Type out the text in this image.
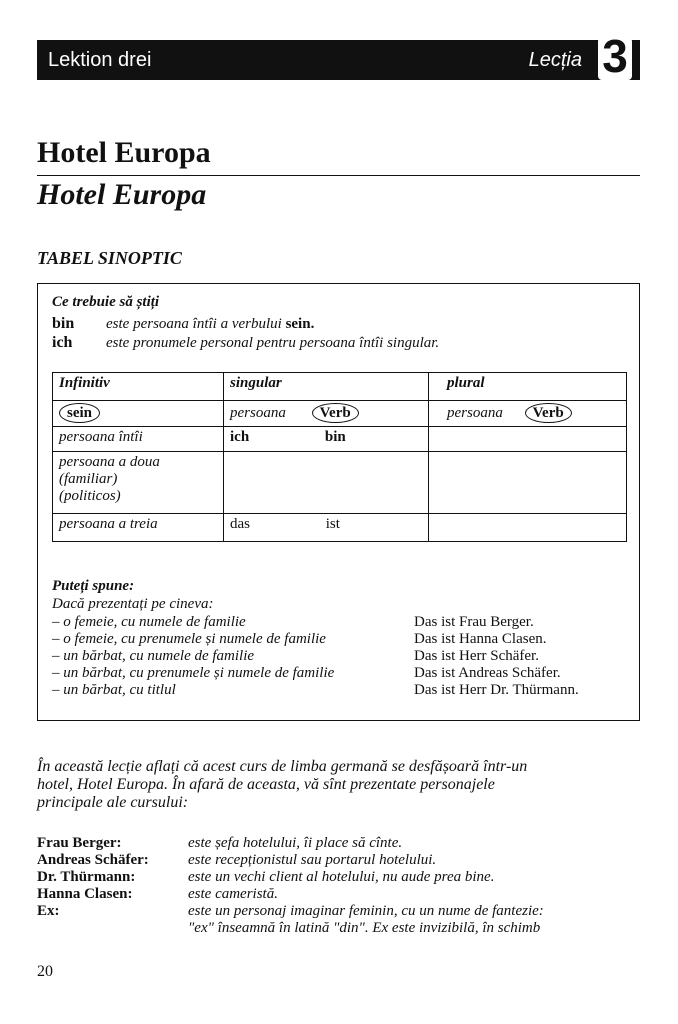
Lektion drei	Lecția 3
Hotel Europa
Hotel Europa
TABEL SINOPTIC
Ce trebuie să știți
bin este persoana întîi a verbului sein.
ich este pronumele personal pentru persoana întîi singular.
Infinitiv	singular	plural
sein	persoana Verb	persoana Verb
persoana întîi	ich bin	

persoana a doua
(familiar)
(politicos)		

persoana a treia	das ist	
Puteți spune:
Dacă prezentați pe cineva:
– o femeie, cu numele de familie	Das ist Frau Berger.
– o femeie, cu prenumele și numele de familie	Das ist Hanna Clasen.
– un bărbat, cu numele de familie	Das ist Herr Schäfer.
– un bărbat, cu prenumele și numele de familie	Das ist Andreas Schäfer.
– un bărbat, cu titlul	Das ist Herr Dr. Thürmann.
În această lecție aflați că acest curs de limba germană se desfășoară într-un
hotel, Hotel Europa. În afară de aceasta, vă sînt prezentate personajele
principale ale cursului:
Frau Berger:	este șefa hotelului, îi place să cînte.
Andreas Schäfer:	este recepționistul sau portarul hotelului.
Dr. Thürmann:	este un vechi client al hotelului, nu aude prea bine.
Hanna Clasen:	este cameristă.
Ex:	este un personaj imaginar feminin, cu un nume de fantezie:
"ex" înseamnă în latină "din". Ex este invizibilă, în schimb
20
